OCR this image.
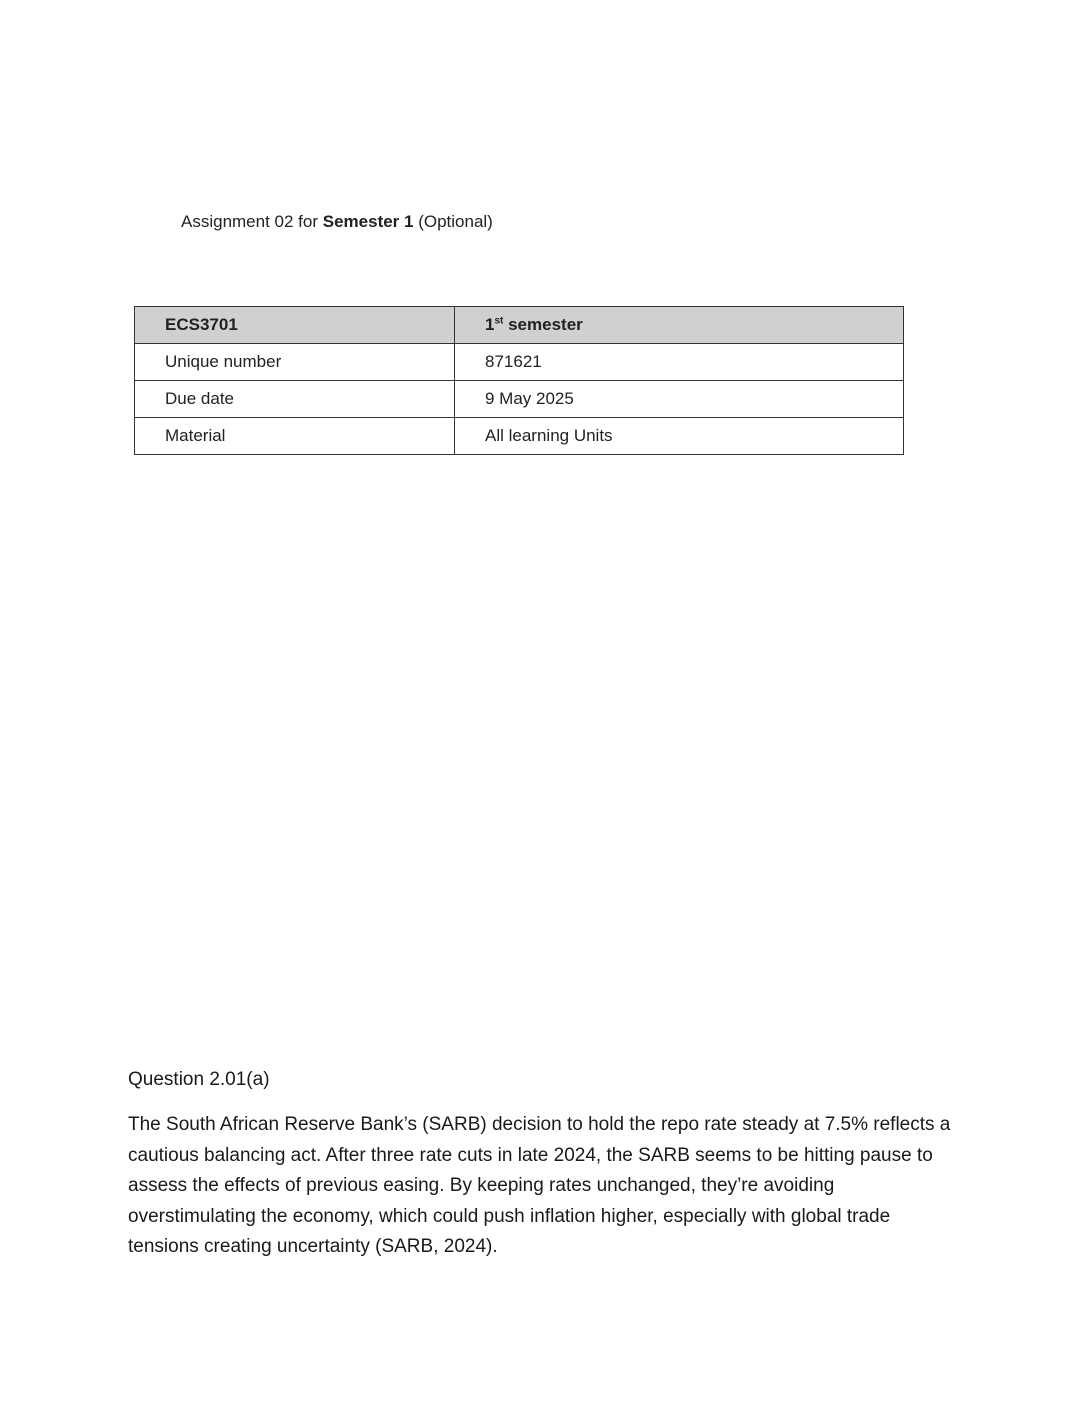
Assignment 02 for Semester 1 (Optional)
ECS3701	1st semester
Unique number	871621
Due date	9 May 2025
Material	All learning Units
Question 2.01(a)
The South African Reserve Bank’s (SARB) decision to hold the repo rate steady at 7.5% reflects a cautious balancing act. After three rate cuts in late 2024, the SARB seems to be hitting pause to assess the effects of previous easing. By keeping rates unchanged, they’re avoiding overstimulating the economy, which could push inflation higher, especially with global trade tensions creating uncertainty (SARB, 2024).
